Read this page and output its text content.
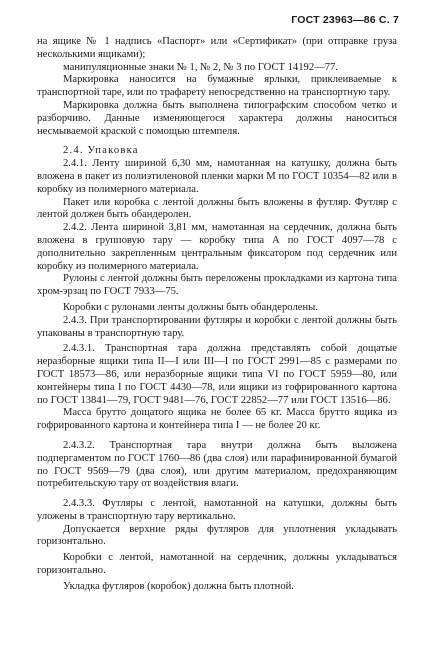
ГОСТ 23963—86 С. 7

на ящике № 1 надпись «Паспорт» или «Сертификат» (при отправке груза несколькими ящиками);

манипуляционные знаки № 1, № 2, № 3 по ГОСТ 14192—77.

Маркировка наносится на бумажные ярлыки, приклеиваемые к транспортной таре, или по трафарету непосредственно на транспортную тару.

Маркировка должна быть выполнена типографским способом четко и разборчиво. Данные изменяющегося характера должны наноситься несмываемой краской с помощью штемпеля.

2.4. Упаковка

2.4.1. Ленту шириной 6,30 мм, намотанная на катушку, должна быть вложена в пакет из полиэтиленовой пленки марки М по ГОСТ 10354—82 или в коробку из полимерного материала.

Пакет или коробка с лентой должны быть вложены в футляр. Футляр с лентой должен быть обандеролен.

2.4.2. Лента шириной 3,81 мм, намотанная на сердечник, должна быть вложена в групповую тару — коробку типа А по ГОСТ 4097—78 с дополнительно закрепленным центральным фиксатором под сердечник или коробку из полимерного материала.

Рулоны с лентой должны быть переложены прокладками из картона типа хром-эрзац по ГОСТ 7933—75.

Коробки с рулонами ленты должны быть обандеролены.

2.4.3. При транспортировании футляры и коробки с лентой должны быть упакованы в транспортную тару.

2.4.3.1. Транспортная тара должна представлять собой дощатые неразборные ящики типа II—I или III—I по ГОСТ 2991—85 с размерами по ГОСТ 18573—86, или неразборные ящики типа VI по ГОСТ 5959—80, или контейнеры типа I по ГОСТ 4430—78, или ящики из гофрированного картона по ГОСТ 13841—79, ГОСТ 9481—76, ГОСТ 22852—77 или ГОСТ 13516—86.

Масса брутто дощатого ящика не более 65 кг. Масса брутто ящика из гофрированного картона и контейнера типа I — не более 20 кг.

2.4.3.2. Транспортная тара внутри должна быть выложена подпергаментом по ГОСТ 1760—86 (два слоя) или парафинированной бумагой по ГОСТ 9569—79 (два слоя), или другим материалом, предохраняющим потребительскую тару от воздействия влаги.

2.4.3.3. Футляры с лентой, намотанной на катушки, должны быть уложены в транспортную тару вертикально.

Допускается верхние ряды футляров для уплотнения укладывать горизонтально.

Коробки с лентой, намотанной на сердечник, должны укладываться горизонтально.

Укладка футляров (коробок) должна быть плотной.
